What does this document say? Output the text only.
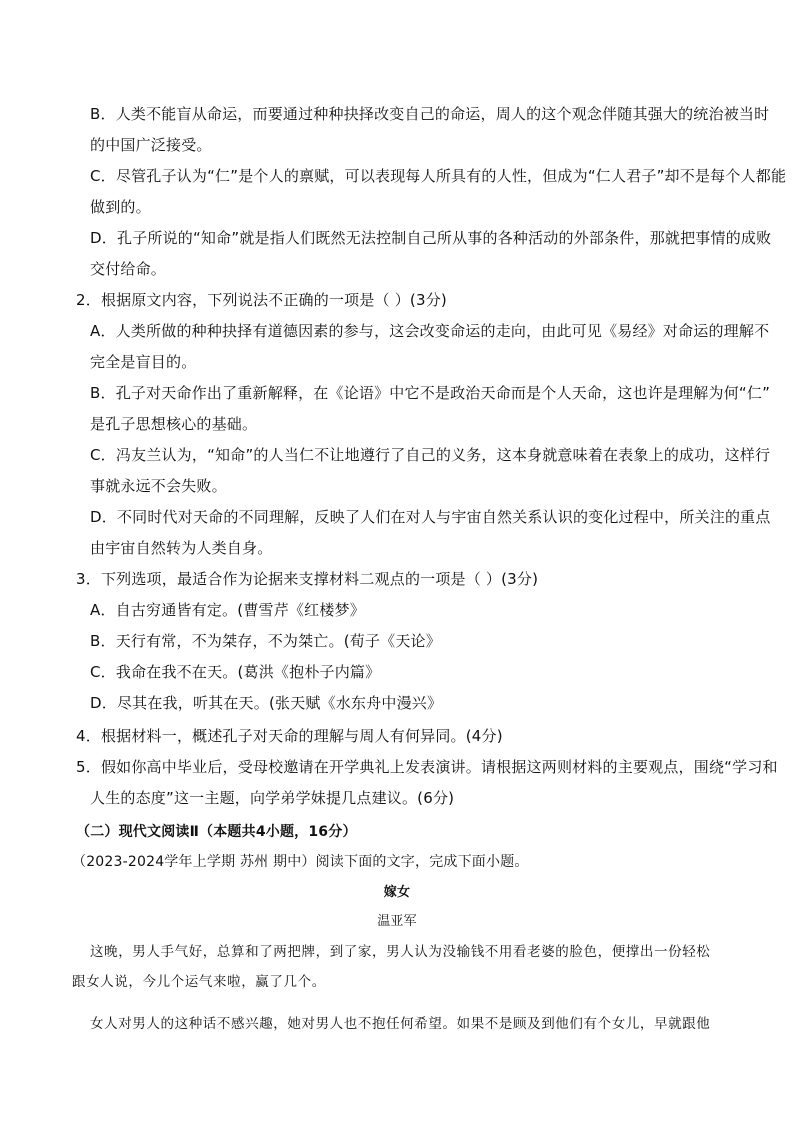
B．人类不能盲从命运，而要通过种种抉择改变自己的命运，周人的这个观念伴随其强大的统治被当时
的中国广泛接受。
C．尽管孔子认为“仁”是个人的禀赋，可以表现每人所具有的人性，但成为“仁人君子”却不是每个人都能
做到的。
D．孔子所说的“知命”就是指人们既然无法控制自己所从事的各种活动的外部条件，那就把事情的成败
交付给命。
2．根据原文内容，下列说法不正确的一项是（ ）(3分)
A．人类所做的种种抉择有道德因素的参与，这会改变命运的走向，由此可见《易经》对命运的理解不
完全是盲目的。
B．孔子对天命作出了重新解释，在《论语》中它不是政治天命而是个人天命，这也许是理解为何“仁”
是孔子思想核心的基础。
C．冯友兰认为，“知命”的人当仁不让地遵行了自己的义务，这本身就意味着在表象上的成功，这样行
事就永远不会失败。
D．不同时代对天命的不同理解，反映了人们在对人与宇宙自然关系认识的变化过程中，所关注的重点
由宇宙自然转为人类自身。
3．下列选项，最适合作为论据来支撑材料二观点的一项是（ ）(3分)
A．自古穷通皆有定。(曹雪芹《红楼梦》
B．天行有常，不为桀存，不为桀亡。(荀子《天论》
C．我命在我不在天。(葛洪《抱朴子内篇》
D．尽其在我，听其在天。(张天赋《水东舟中漫兴》
4．根据材料一，概述孔子对天命的理解与周人有何异同。(4分)
5．假如你高中毕业后，受母校邀请在开学典礼上发表演讲。请根据这两则材料的主要观点，围绕“学习和
人生的态度”这一主题，向学弟学妹提几点建议。(6分)
（二）现代文阅读Ⅱ（本题共4小题，16分）
（2023-2024学年上学期 苏州 期中）阅读下面的文字，完成下面小题。
嫁女
温亚军
这晚，男人手气好，总算和了两把牌，到了家，男人认为没输钱不用看老婆的脸色，便撑出一份轻松
跟女人说，今儿个运气来啦，赢了几个。
女人对男人的这种话不感兴趣，她对男人也不抱任何希望。如果不是顾及到他们有个女儿，早就跟他
